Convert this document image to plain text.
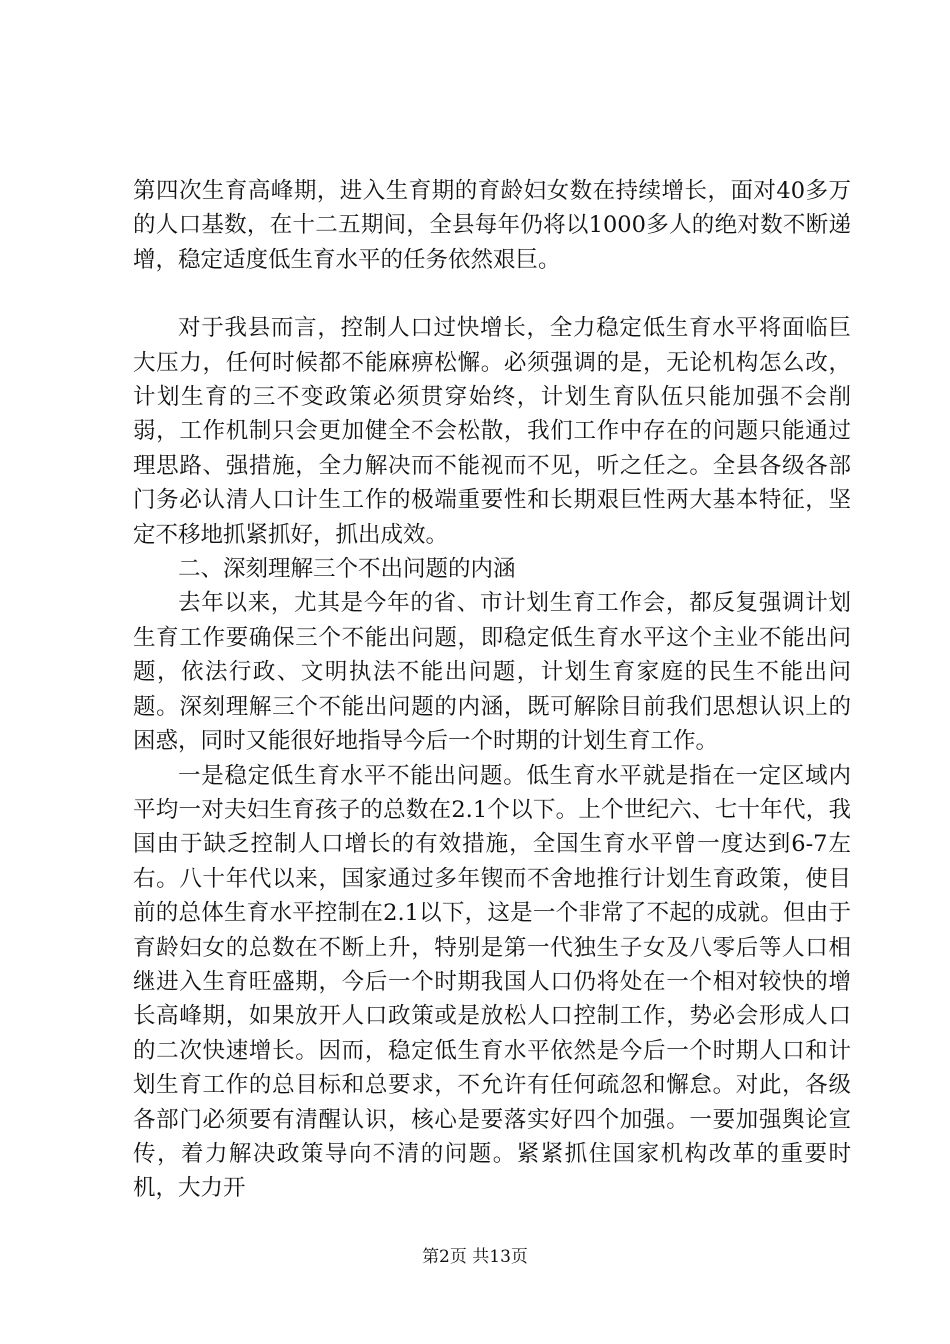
第四次生育高峰期，进入生育期的育龄妇女数在持续增长，面对40多万的人口基数，在十二五期间，全县每年仍将以1000多人的绝对数不断递增，稳定适度低生育水平的任务依然艰巨。

对于我县而言，控制人口过快增长，全力稳定低生育水平将面临巨大压力，任何时候都不能麻痹松懈。必须强调的是，无论机构怎么改，计划生育的三不变政策必须贯穿始终，计划生育队伍只能加强不会削弱，工作机制只会更加健全不会松散，我们工作中存在的问题只能通过理思路、强措施，全力解决而不能视而不见，听之任之。全县各级各部门务必认清人口计生工作的极端重要性和长期艰巨性两大基本特征，坚定不移地抓紧抓好，抓出成效。

二、深刻理解三个不出问题的内涵

去年以来，尤其是今年的省、市计划生育工作会，都反复强调计划生育工作要确保三个不能出问题，即稳定低生育水平这个主业不能出问题，依法行政、文明执法不能出问题，计划生育家庭的民生不能出问题。深刻理解三个不能出问题的内涵，既可解除目前我们思想认识上的困惑，同时又能很好地指导今后一个时期的计划生育工作。

一是稳定低生育水平不能出问题。低生育水平就是指在一定区域内平均一对夫妇生育孩子的总数在2.1个以下。上个世纪六、七十年代，我国由于缺乏控制人口增长的有效措施，全国生育水平曾一度达到6-7左右。八十年代以来，国家通过多年锲而不舍地推行计划生育政策，使目前的总体生育水平控制在2.1以下，这是一个非常了不起的成就。但由于育龄妇女的总数在不断上升，特别是第一代独生子女及八零后等人口相继进入生育旺盛期，今后一个时期我国人口仍将处在一个相对较快的增长高峰期，如果放开人口政策或是放松人口控制工作，势必会形成人口的二次快速增长。因而，稳定低生育水平依然是今后一个时期人口和计划生育工作的总目标和总要求，不允许有任何疏忽和懈怠。对此，各级各部门必须要有清醒认识，核心是要落实好四个加强。一要加强舆论宣传，着力解决政策导向不清的问题。紧紧抓住国家机构改革的重要时机，大力开

第2页 共13页
